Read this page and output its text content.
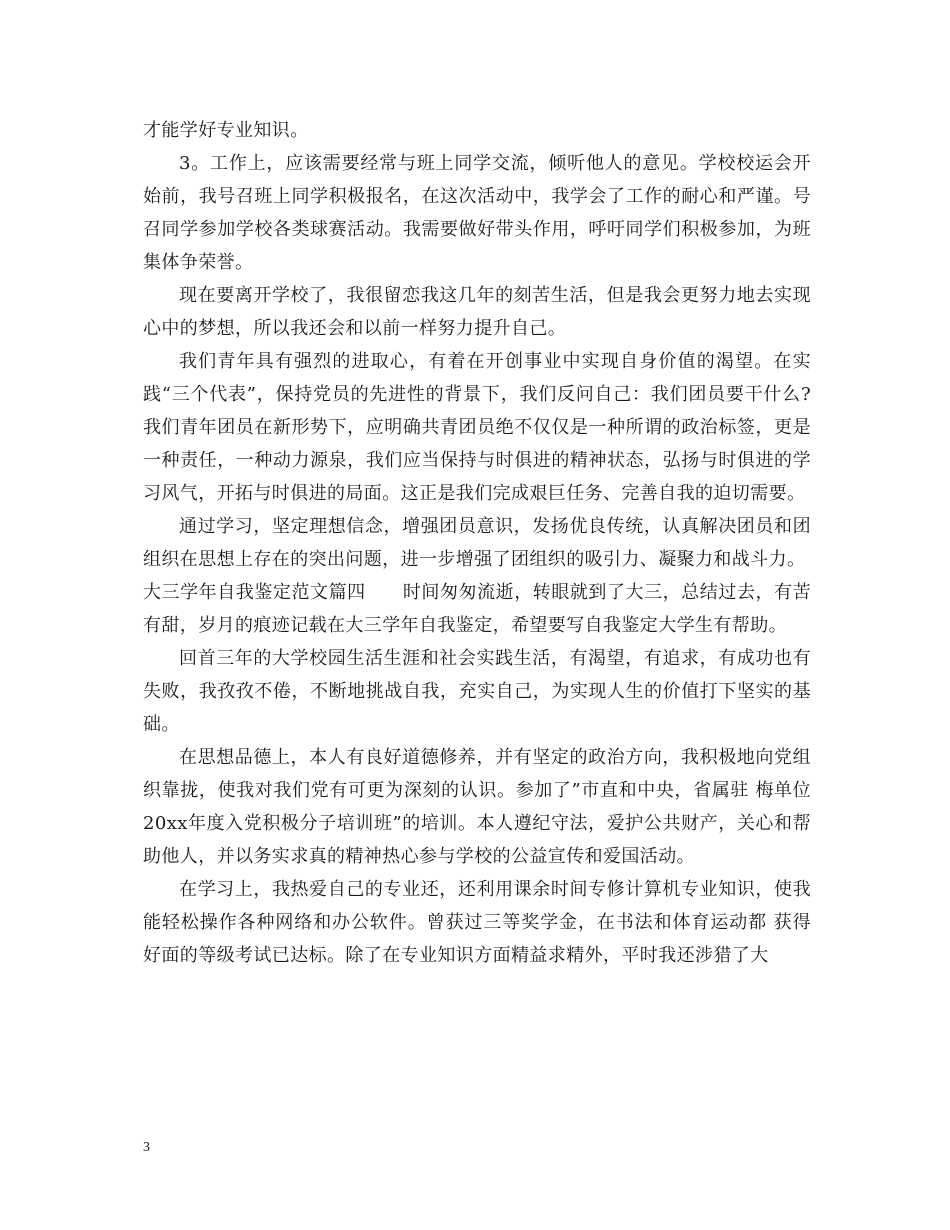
才能学好专业知识。

3。工作上，应该需要经常与班上同学交流，倾听他人的意见。学校校运会开始前，我号召班上同学积极报名，在这次活动中，我学会了工作的耐心和严谨。号召同学参加学校各类球赛活动。我需要做好带头作用，呼吁同学们积极参加，为班集体争荣誉。

现在要离开学校了，我很留恋我这几年的刻苦生活，但是我会更努力地去实现心中的梦想，所以我还会和以前一样努力提升自己。

我们青年具有强烈的进取心，有着在开创事业中实现自身价值的渴望。在实践“三个代表”，保持党员的先进性的背景下，我们反问自己：我们团员要干什么?我们青年团员在新形势下，应明确共青团员绝不仅仅是一种所谓的政治标签，更是一种责任，一种动力源泉，我们应当保持与时俱进的精神状态，弘扬与时俱进的学习风气，开拓与时俱进的局面。这正是我们完成艰巨任务、完善自我的迫切需要。

通过学习，坚定理想信念，增强团员意识，发扬优良传统，认真解决团员和团组织在思想上存在的突出问题，进一步增强了团组织的吸引力、凝聚力和战斗力。

大三学年自我鉴定范文篇四　　时间匆匆流逝，转眼就到了大三，总结过去，有苦有甜，岁月的痕迹记载在大三学年自我鉴定，希望要写自我鉴定大学生有帮助。

回首三年的大学校园生活生涯和社会实践生活，有渴望，有追求，有成功也有失败，我孜孜不倦，不断地挑战自我，充实自己，为实现人生的价值打下坚实的基础。

在思想品德上，本人有良好道德修养，并有坚定的政治方向，我积极地向党组织靠拢，使我对我们党有可更为深刻的认识。参加了”市直和中央，省属驻 梅单位20xx年度入党积极分子培训班”的培训。本人遵纪守法，爱护公共财产，关心和帮助他人，并以务实求真的精神热心参与学校的公益宣传和爱国活动。

在学习上，我热爱自己的专业还，还利用课余时间专修计算机专业知识，使我能轻松操作各种网络和办公软件。曾获过三等奖学金，在书法和体育运动都 获得好面的等级考试已达标。除了在专业知识方面精益求精外，平时我还涉猎了大

3
